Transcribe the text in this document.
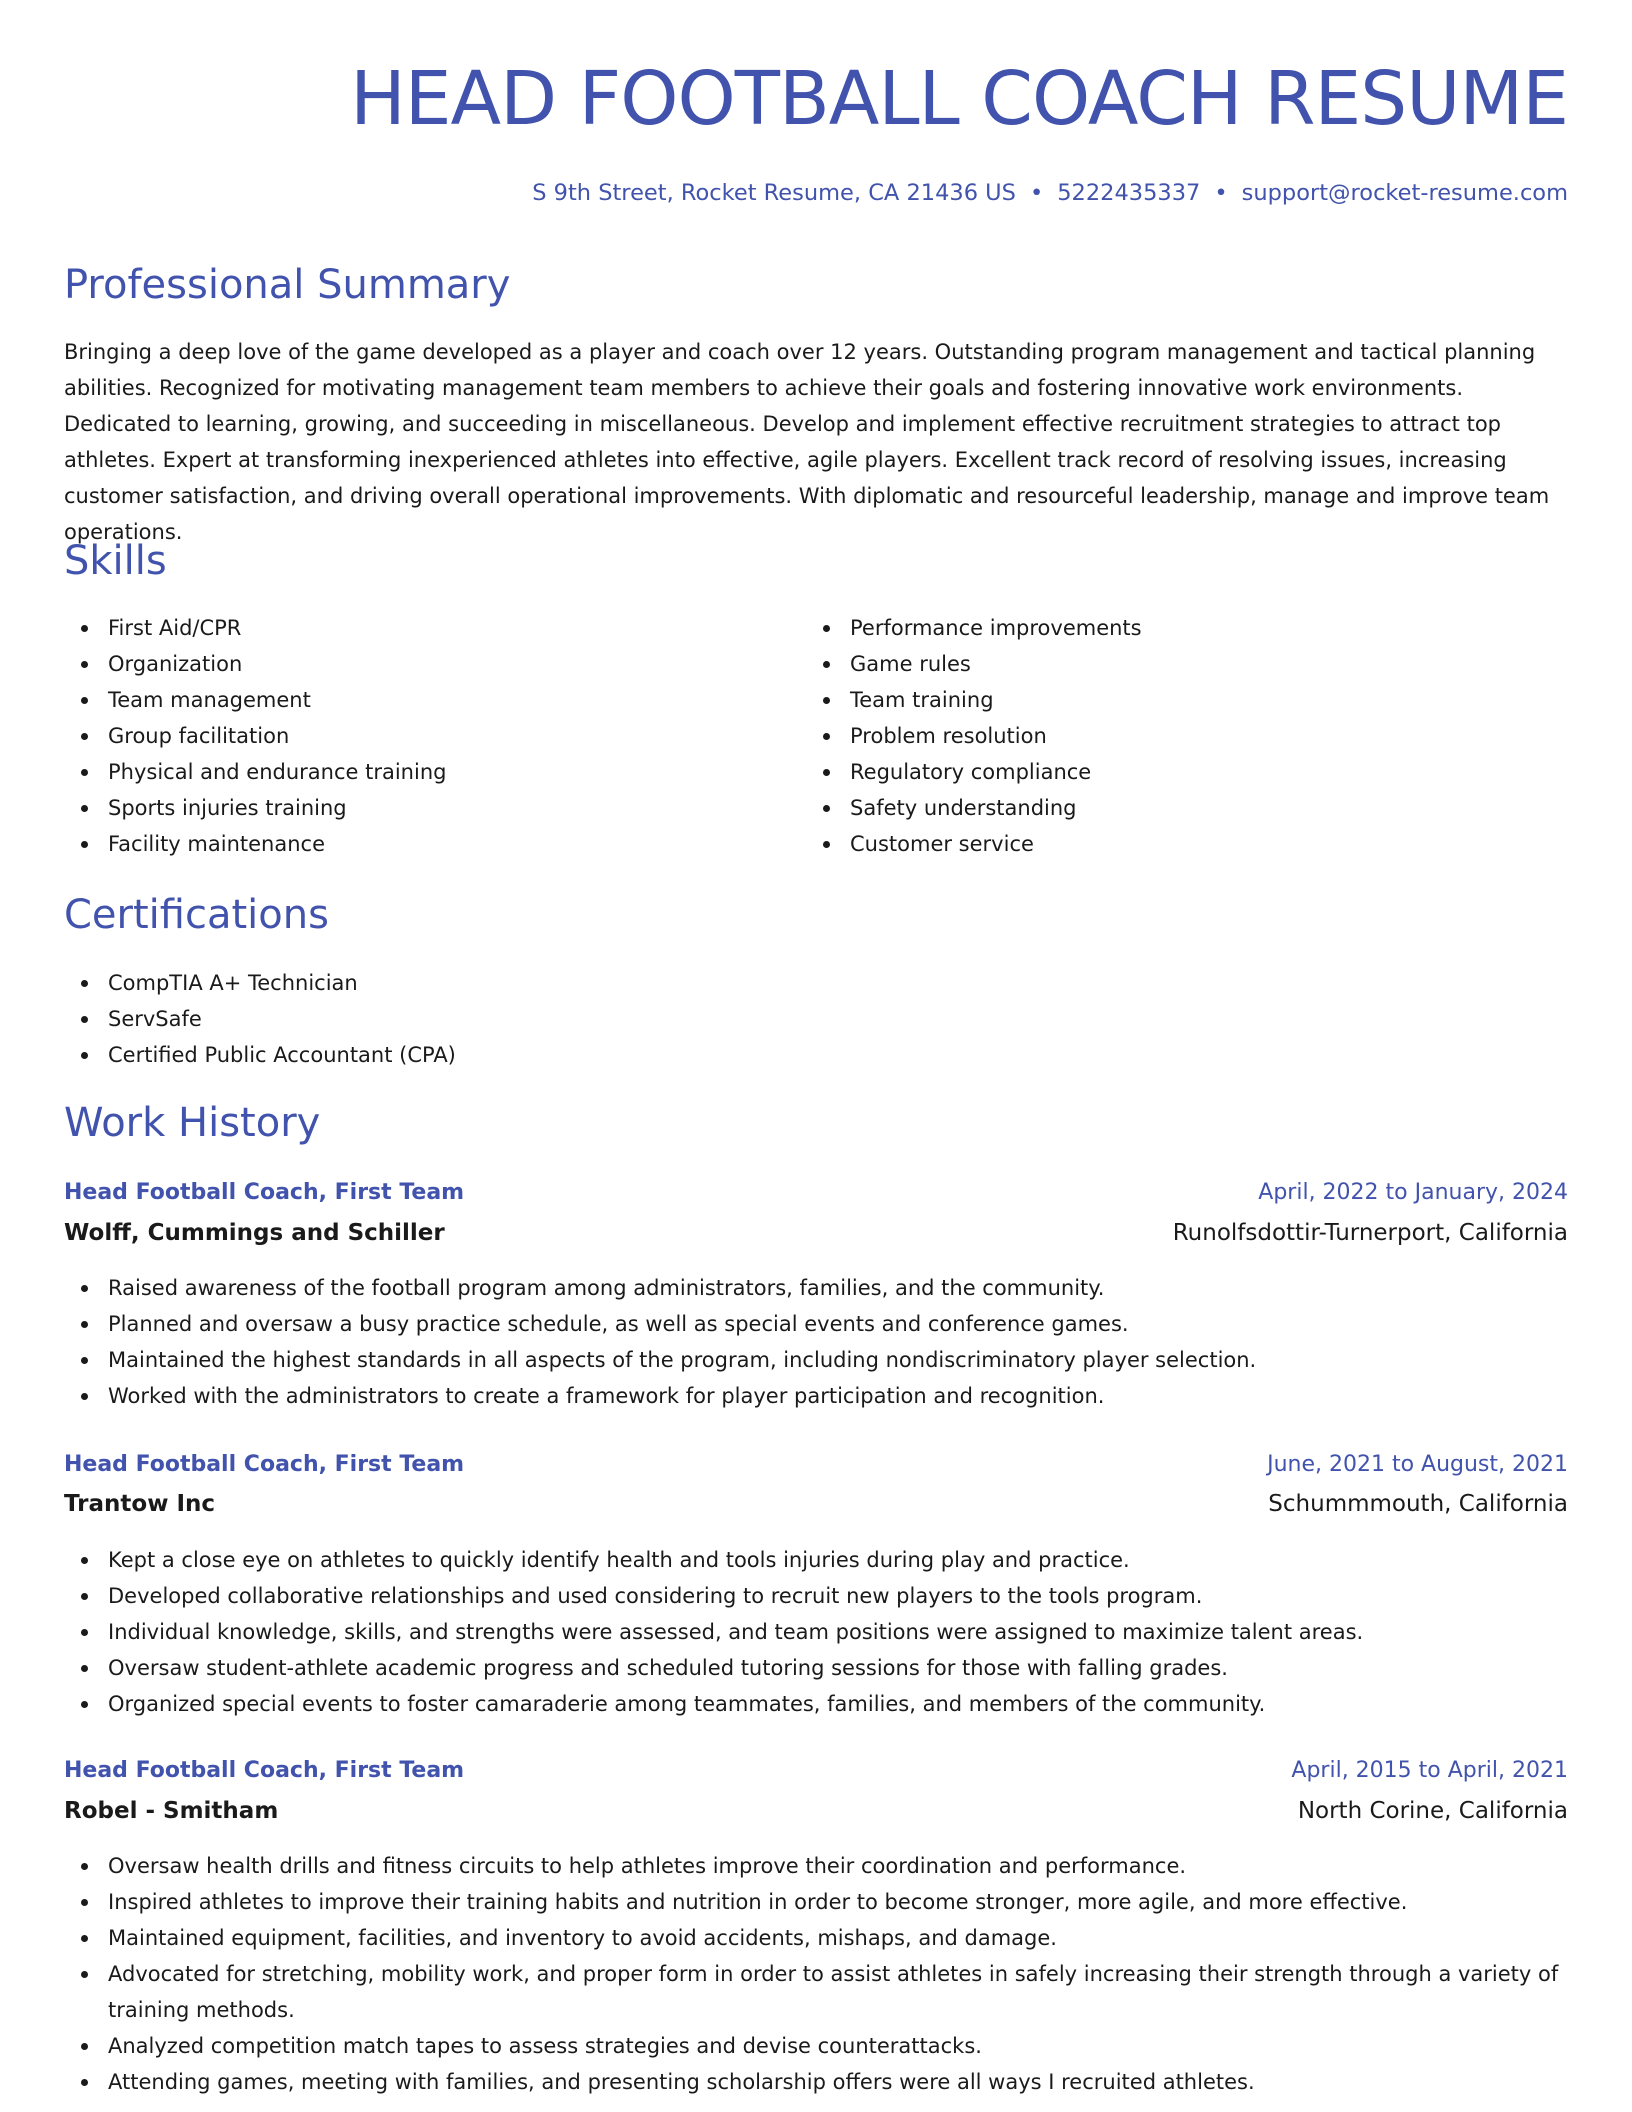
HEAD FOOTBALL COACH RESUME
S 9th Street, Rocket Resume, CA 21436 US • 5222435337 • support@rocket-resume.com
Professional Summary

Bringing a deep love of the game developed as a player and coach over 12 years. Outstanding program management and tactical planning abilities. Recognized for motivating management team members to achieve their goals and fostering innovative work environments. Dedicated to learning, growing, and succeeding in miscellaneous. Develop and implement effective recruitment strategies to attract top athletes. Expert at transforming inexperienced athletes into effective, agile players. Excellent track record of resolving issues, increasing customer satisfaction, and driving overall operational improvements. With diplomatic and resourceful leadership, manage and improve team operations.

Skills
First Aid/CPR
Organization
Team management
Group facilitation
Physical and endurance training
Sports injuries training
Facility maintenance
Performance improvements
Game rules
Team training
Problem resolution
Regulatory compliance
Safety understanding
Customer service
Certifications
CompTIA A+ Technician
ServSafe
Certified Public Accountant (CPA)
Work History
Head Football Coach, First Team	April, 2022 to January, 2024
Wolff, Cummings and Schiller	Runolfsdottir-Turnerport, California
Raised awareness of the football program among administrators, families, and the community.
Planned and oversaw a busy practice schedule, as well as special events and conference games.
Maintained the highest standards in all aspects of the program, including nondiscriminatory player selection.
Worked with the administrators to create a framework for player participation and recognition.
Head Football Coach, First Team	June, 2021 to August, 2021
Trantow Inc	Schummmouth, California
Kept a close eye on athletes to quickly identify health and tools injuries during play and practice.
Developed collaborative relationships and used considering to recruit new players to the tools program.
Individual knowledge, skills, and strengths were assessed, and team positions were assigned to maximize talent areas.
Oversaw student-athlete academic progress and scheduled tutoring sessions for those with falling grades.
Organized special events to foster camaraderie among teammates, families, and members of the community.
Head Football Coach, First Team	April, 2015 to April, 2021
Robel - Smitham	North Corine, California
Oversaw health drills and fitness circuits to help athletes improve their coordination and performance.
Inspired athletes to improve their training habits and nutrition in order to become stronger, more agile, and more effective.
Maintained equipment, facilities, and inventory to avoid accidents, mishaps, and damage.
Advocated for stretching, mobility work, and proper form in order to assist athletes in safely increasing their strength through a variety of training methods.
Analyzed competition match tapes to assess strategies and devise counterattacks.
Attending games, meeting with families, and presenting scholarship offers were all ways I recruited athletes.
